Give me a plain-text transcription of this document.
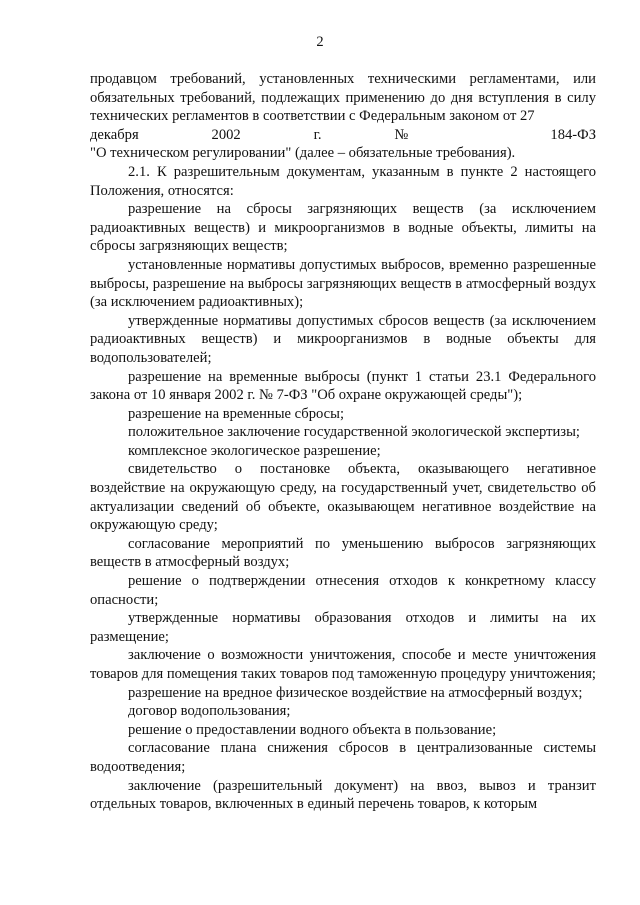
2

продавцом требований, установленных техническими регламентами, или обязательных требований, подлежащих применению до дня вступления в силу технических регламентов в соответствии с Федеральным законом от 27

декабря 2002 г. № 184-ФЗ

"О техническом регулировании" (далее – обязательные требования).

2.1. К разрешительным документам, указанным в пункте 2 настоящего Положения, относятся:

разрешение на сбросы загрязняющих веществ (за исключением радиоактивных веществ) и микроорганизмов в водные объекты, лимиты на сбросы загрязняющих веществ;

установленные нормативы допустимых выбросов, временно разрешенные выбросы, разрешение на выбросы загрязняющих веществ в атмосферный воздух (за исключением радиоактивных);

утвержденные нормативы допустимых сбросов веществ (за исключением радиоактивных веществ) и микроорганизмов в водные объекты для водопользователей;

разрешение на временные выбросы (пункт 1 статьи 23.1 Федерального закона от 10 января 2002 г. № 7-ФЗ "Об охране окружающей среды");

разрешение на временные сбросы;

положительное заключение государственной экологической экспертизы;

комплексное экологическое разрешение;

свидетельство о постановке объекта, оказывающего негативное воздействие на окружающую среду, на государственный учет, свидетельство об актуализации сведений об объекте, оказывающем негативное воздействие на окружающую среду;

согласование мероприятий по уменьшению выбросов загрязняющих веществ в атмосферный воздух;

решение о подтверждении отнесения отходов к конкретному классу опасности;

утвержденные нормативы образования отходов и лимиты на их размещение;

заключение о возможности уничтожения, способе и месте уничтожения товаров для помещения таких товаров под таможенную процедуру уничтожения;

разрешение на вредное физическое воздействие на атмосферный воздух;

договор водопользования;

решение о предоставлении водного объекта в пользование;

согласование плана снижения сбросов в централизованные системы водоотведения;

заключение (разрешительный документ) на ввоз, вывоз и транзит отдельных товаров, включенных в единый перечень товаров, к которым
